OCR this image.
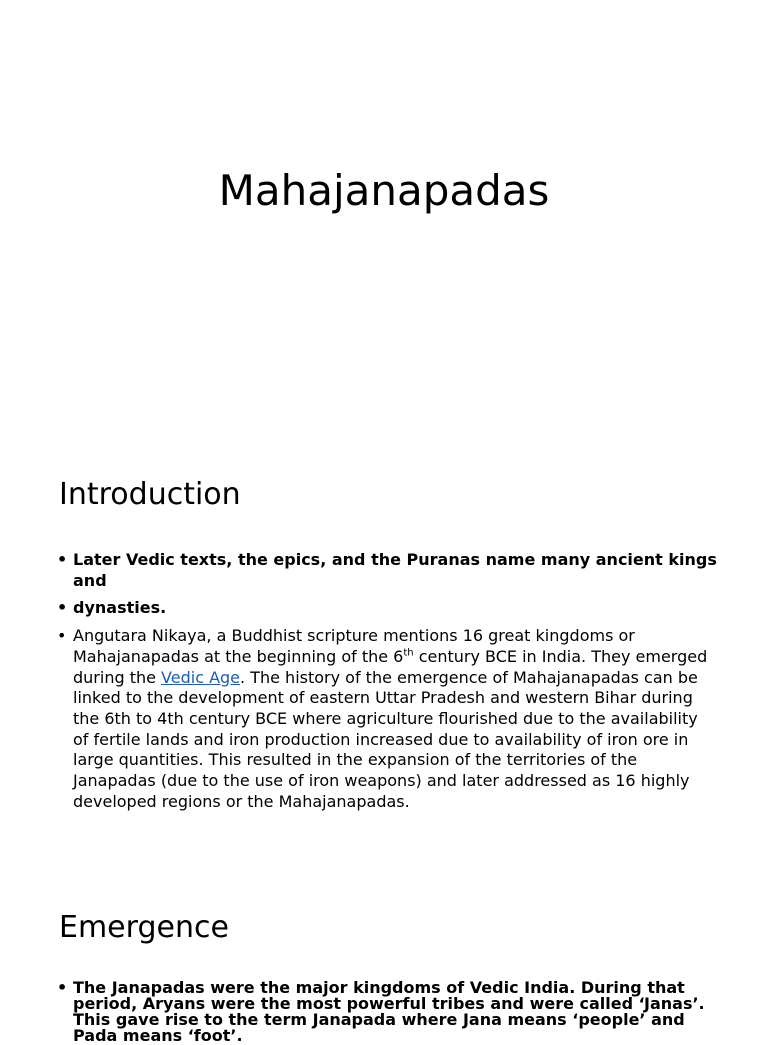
Mahajanapadas
Introduction
• Later Vedic texts, the epics, and the Puranas name many ancient kings and
• dynasties.
• Angutara Nikaya, a Buddhist scripture mentions 16 great kingdoms or Mahajanapadas at the beginning of the 6th century BCE in India. They emerged during the Vedic Age. The history of the emergence of Mahajanapadas can be linked to the development of eastern Uttar Pradesh and western Bihar during the 6th to 4th century BCE where agriculture flourished due to the availability of fertile lands and iron production increased due to availability of iron ore in large quantities. This resulted in the expansion of the territories of the Janapadas (due to the use of iron weapons) and later addressed as 16 highly developed regions or the Mahajanapadas.
Emergence
• The Janapadas were the major kingdoms of Vedic India. During that period, Aryans were the most powerful tribes and were called ‘Janas’. This gave rise to the term Janapada where Jana means ‘people’ and Pada means ‘foot’.
